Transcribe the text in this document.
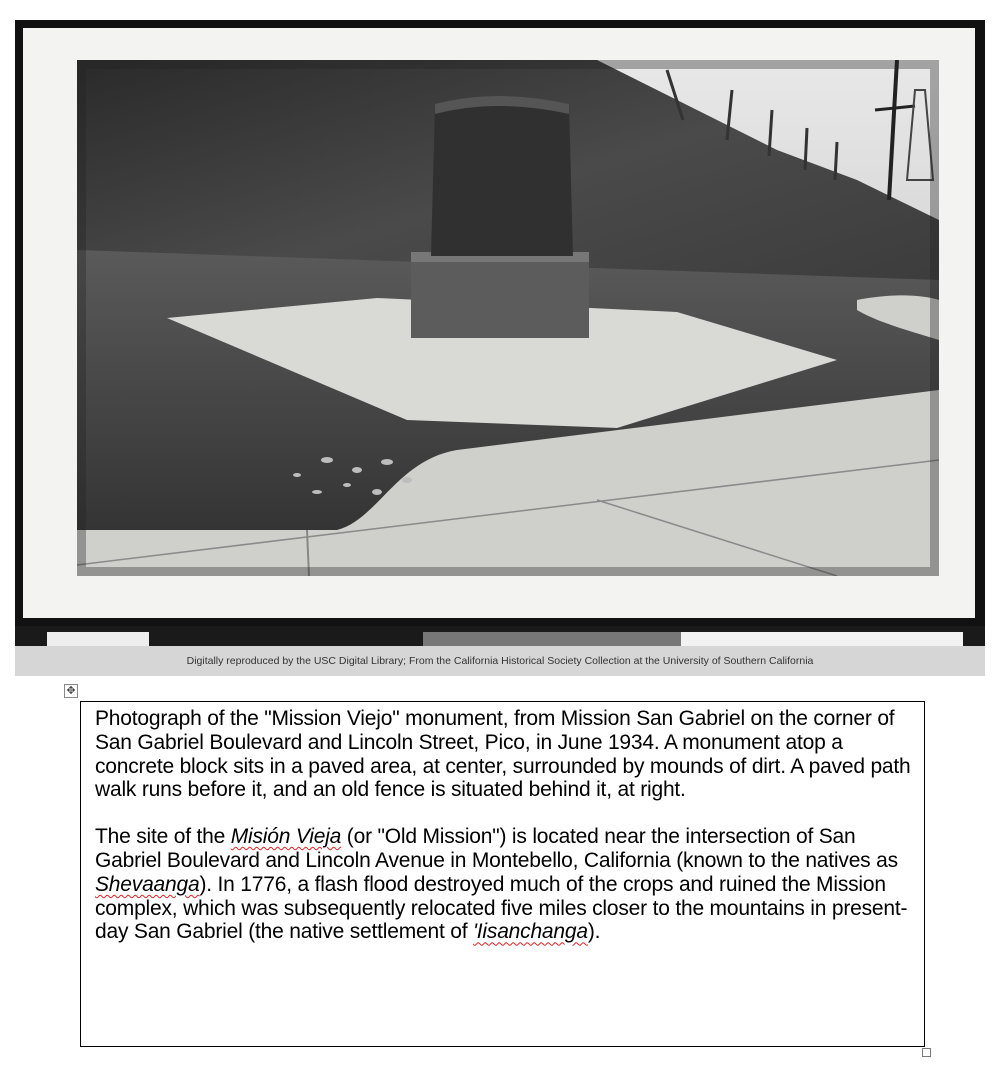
Digitally reproduced by the USC Digital Library; From the California Historical Society Collection at the University of Southern California
✥

Photograph of the "Mission Viejo" monument, from Mission San Gabriel on the corner of San Gabriel Boulevard and Lincoln Street, Pico, in June 1934. A monument atop a concrete block sits in a paved area, at center, surrounded by mounds of dirt. A paved path walk runs before it, and an old fence is situated behind it, at right.

The site of the Misión Vieja (or "Old Mission") is located near the intersection of San Gabriel Boulevard and Lincoln Avenue in Montebello, California (known to the natives as Shevaanga). In 1776, a flash flood destroyed much of the crops and ruined the Mission complex, which was subsequently relocated five miles closer to the mountains in present-day San Gabriel (the native settlement of 'Iisanchanga).
